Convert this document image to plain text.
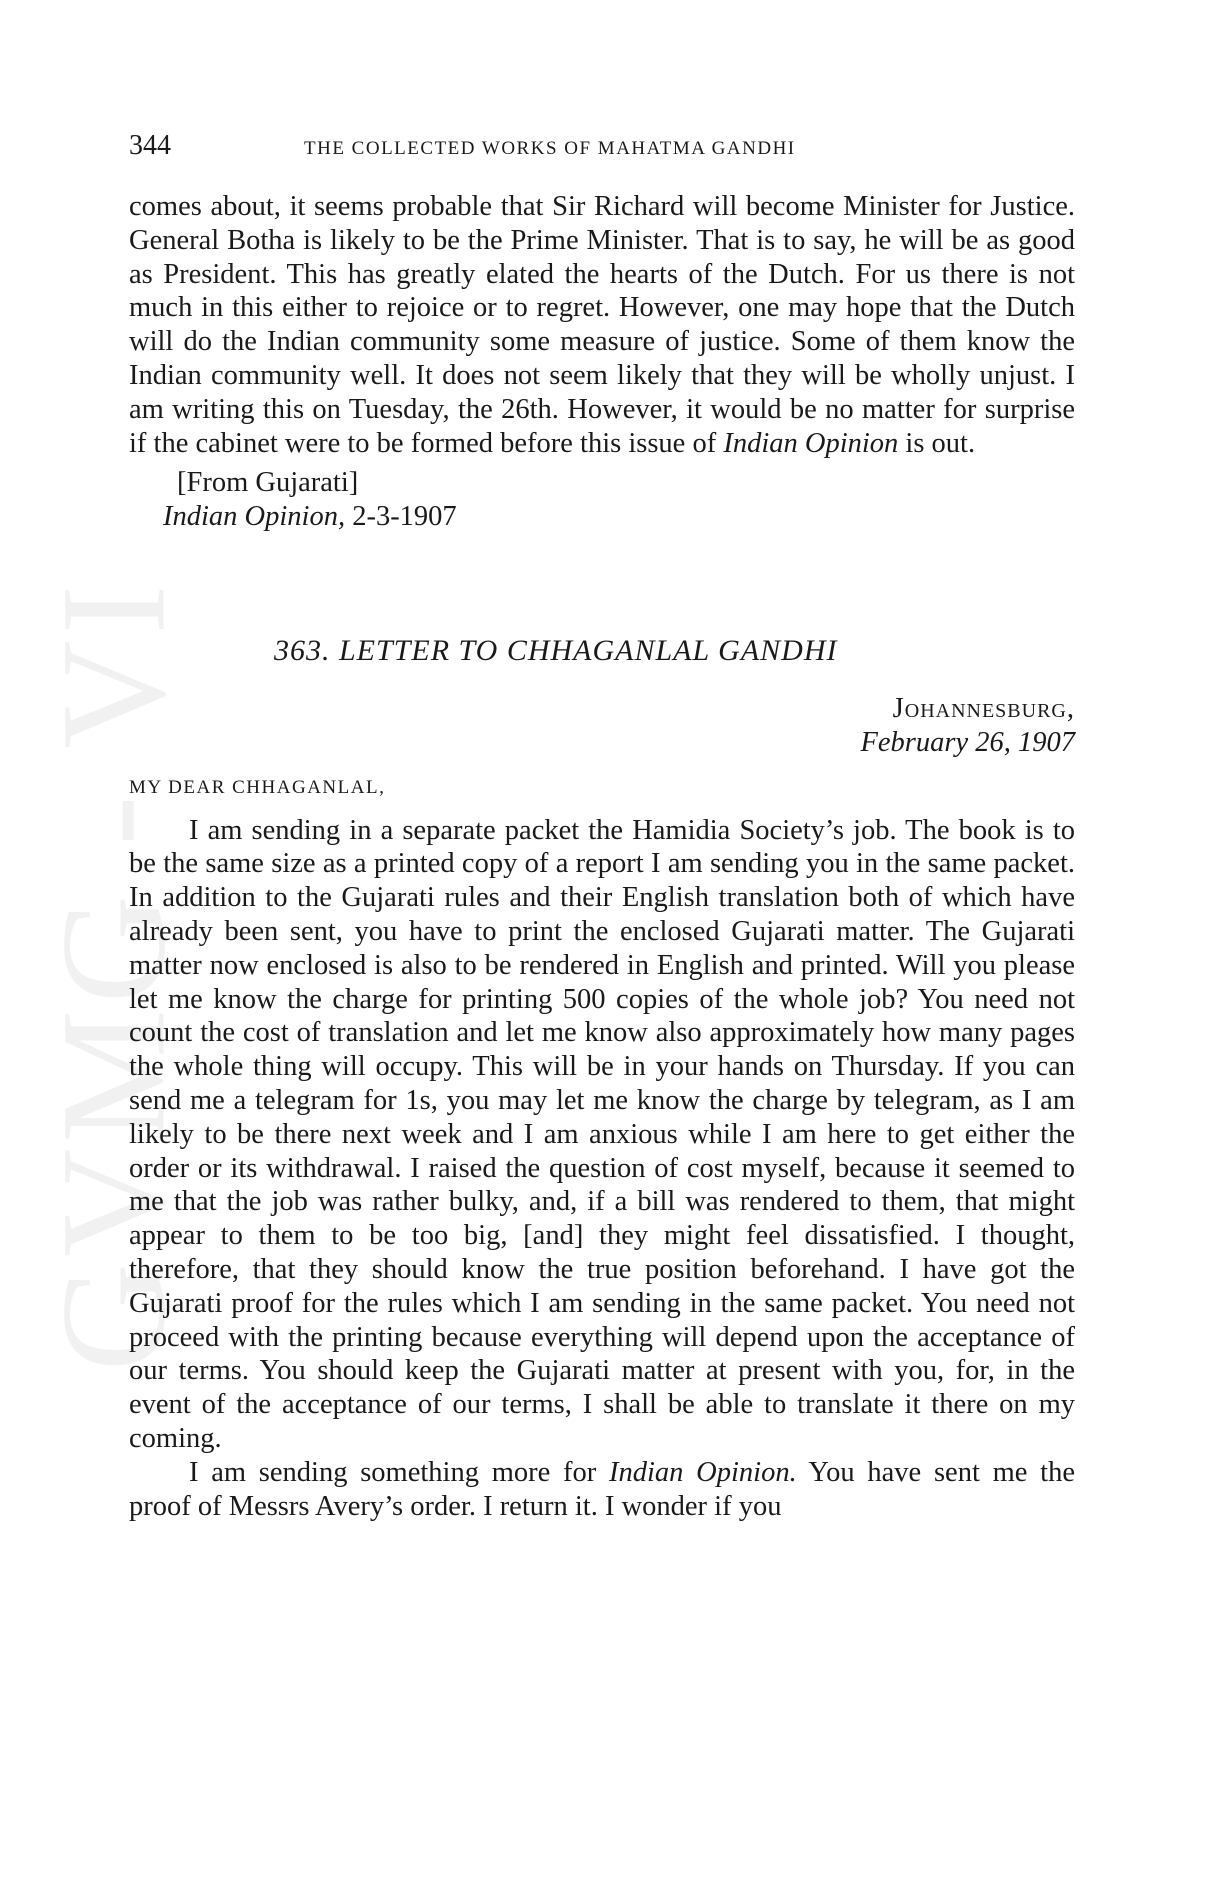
GVMG - VI
344	THE COLLECTED WORKS OF MAHATMA GANDHI

comes about, it seems probable that Sir Richard will become Minister for Justice. General Botha is likely to be the Prime Minister. That is to say, he will be as good as President. This has greatly elated the hearts of the Dutch. For us there is not much in this either to rejoice or to regret. However, one may hope that the Dutch will do the Indian community some measure of justice. Some of them know the Indian community well. It does not seem likely that they will be wholly unjust. I am writing this on Tuesday, the 26th. However, it would be no matter for surprise if the cabinet were to be formed before this issue of Indian Opinion is out.

[From Gujarati]
Indian Opinion, 2-3-1907
363. LETTER TO CHHAGANLAL GANDHI
Johannesburg,
February 26, 1907
MY DEAR CHHAGANLAL,

I am sending in a separate packet the Hamidia Society’s job. The book is to be the same size as a printed copy of a report I am sending you in the same packet. In addition to the Gujarati rules and their English translation both of which have already been sent, you have to print the enclosed Gujarati matter. The Gujarati matter now enclosed is also to be rendered in English and printed. Will you please let me know the charge for printing 500 copies of the whole job? You need not count the cost of translation and let me know also approximately how many pages the whole thing will occupy. This will be in your hands on Thursday. If you can send me a telegram for 1s, you may let me know the charge by telegram, as I am likely to be there next week and I am anxious while I am here to get either the order or its withdrawal. I raised the question of cost myself, because it seemed to me that the job was rather bulky, and, if a bill was rendered to them, that might appear to them to be too big, [and] they might feel dissatisfied. I thought, therefore, that they should know the true position beforehand. I have got the Gujarati proof for the rules which I am sending in the same packet. You need not proceed with the printing because everything will depend upon the acceptance of our terms. You should keep the Gujarati matter at present with you, for, in the event of the acceptance of our terms, I shall be able to translate it there on my coming.

I am sending something more for Indian Opinion. You have sent me the proof of Messrs Avery’s order. I return it. I wonder if you
